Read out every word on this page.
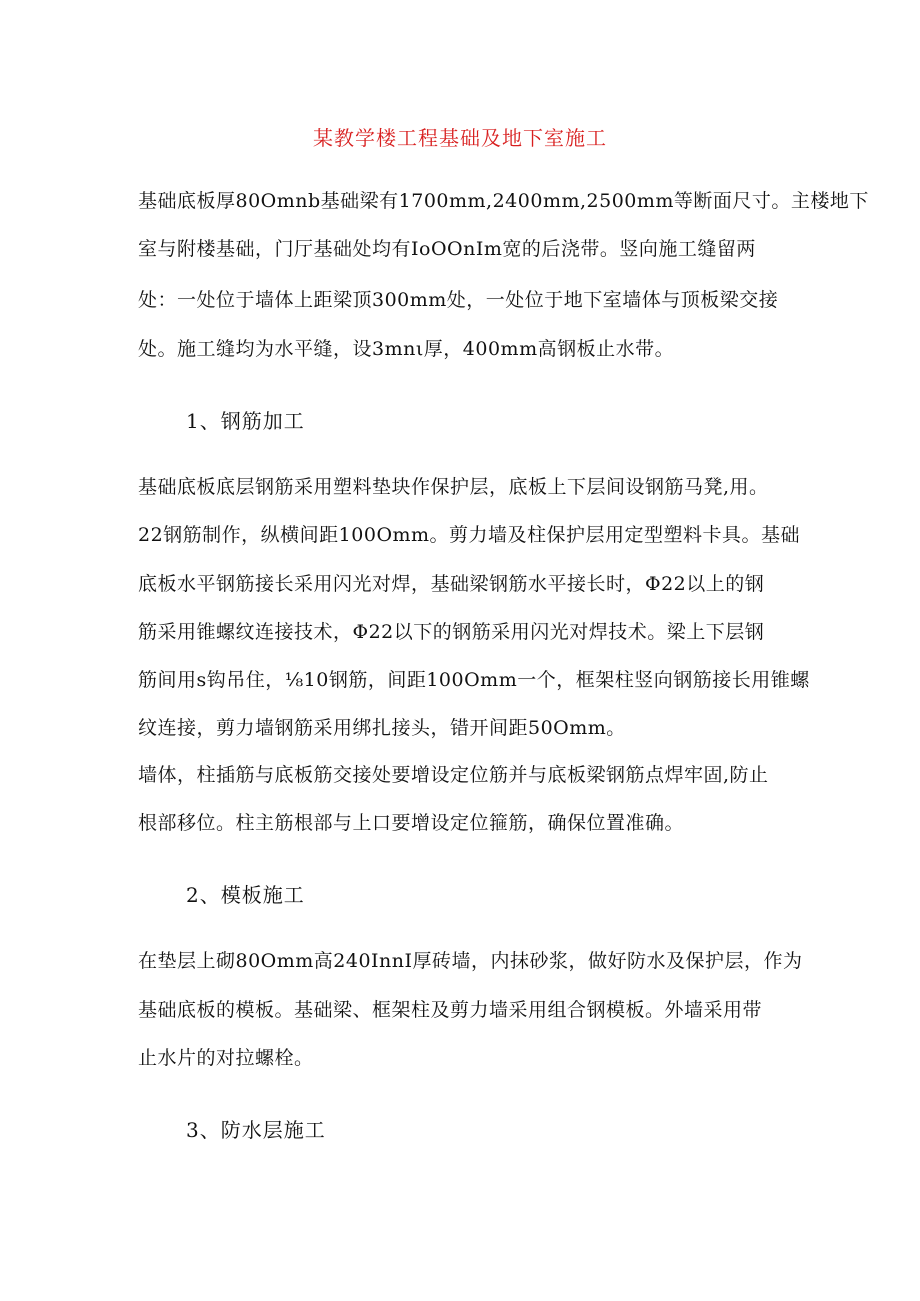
某教学楼工程基础及地下室施工
基础底板厚80Omnb基础梁有1700mm,2400mm,2500mm等断面尺寸。主楼地下
室与附楼基础，门厅基础处均有IoOOnIm宽的后浇带。竖向施工缝留两
处：一处位于墙体上距梁顶300mm处，一处位于地下室墙体与顶板梁交接
处。施工缝均为水平缝，设3mnι厚，400mm高钢板止水带。
1、钢筋加工
基础底板底层钢筋采用塑料垫块作保护层，底板上下层间设钢筋马凳,用。
22钢筋制作，纵横间距100Omm。剪力墙及柱保护层用定型塑料卡具。基础
底板水平钢筋接长采用闪光对焊，基础梁钢筋水平接长时，Φ22以上的钢
筋采用锥螺纹连接技术，Φ22以下的钢筋采用闪光对焊技术。梁上下层钢
筋间用s钩吊住，⅛10钢筋，间距100Omm一个，框架柱竖向钢筋接长用锥螺
纹连接，剪力墙钢筋采用绑扎接头，错开间距50Omm。
墙体，柱插筋与底板筋交接处要增设定位筋并与底板梁钢筋点焊牢固,防止
根部移位。柱主筋根部与上口要增设定位箍筋，确保位置准确。
2、模板施工
在垫层上砌80Omm高240InnI厚砖墙，内抹砂浆，做好防水及保护层，作为
基础底板的模板。基础梁、框架柱及剪力墙采用组合钢模板。外墙采用带
止水片的对拉螺栓。
3、防水层施工
